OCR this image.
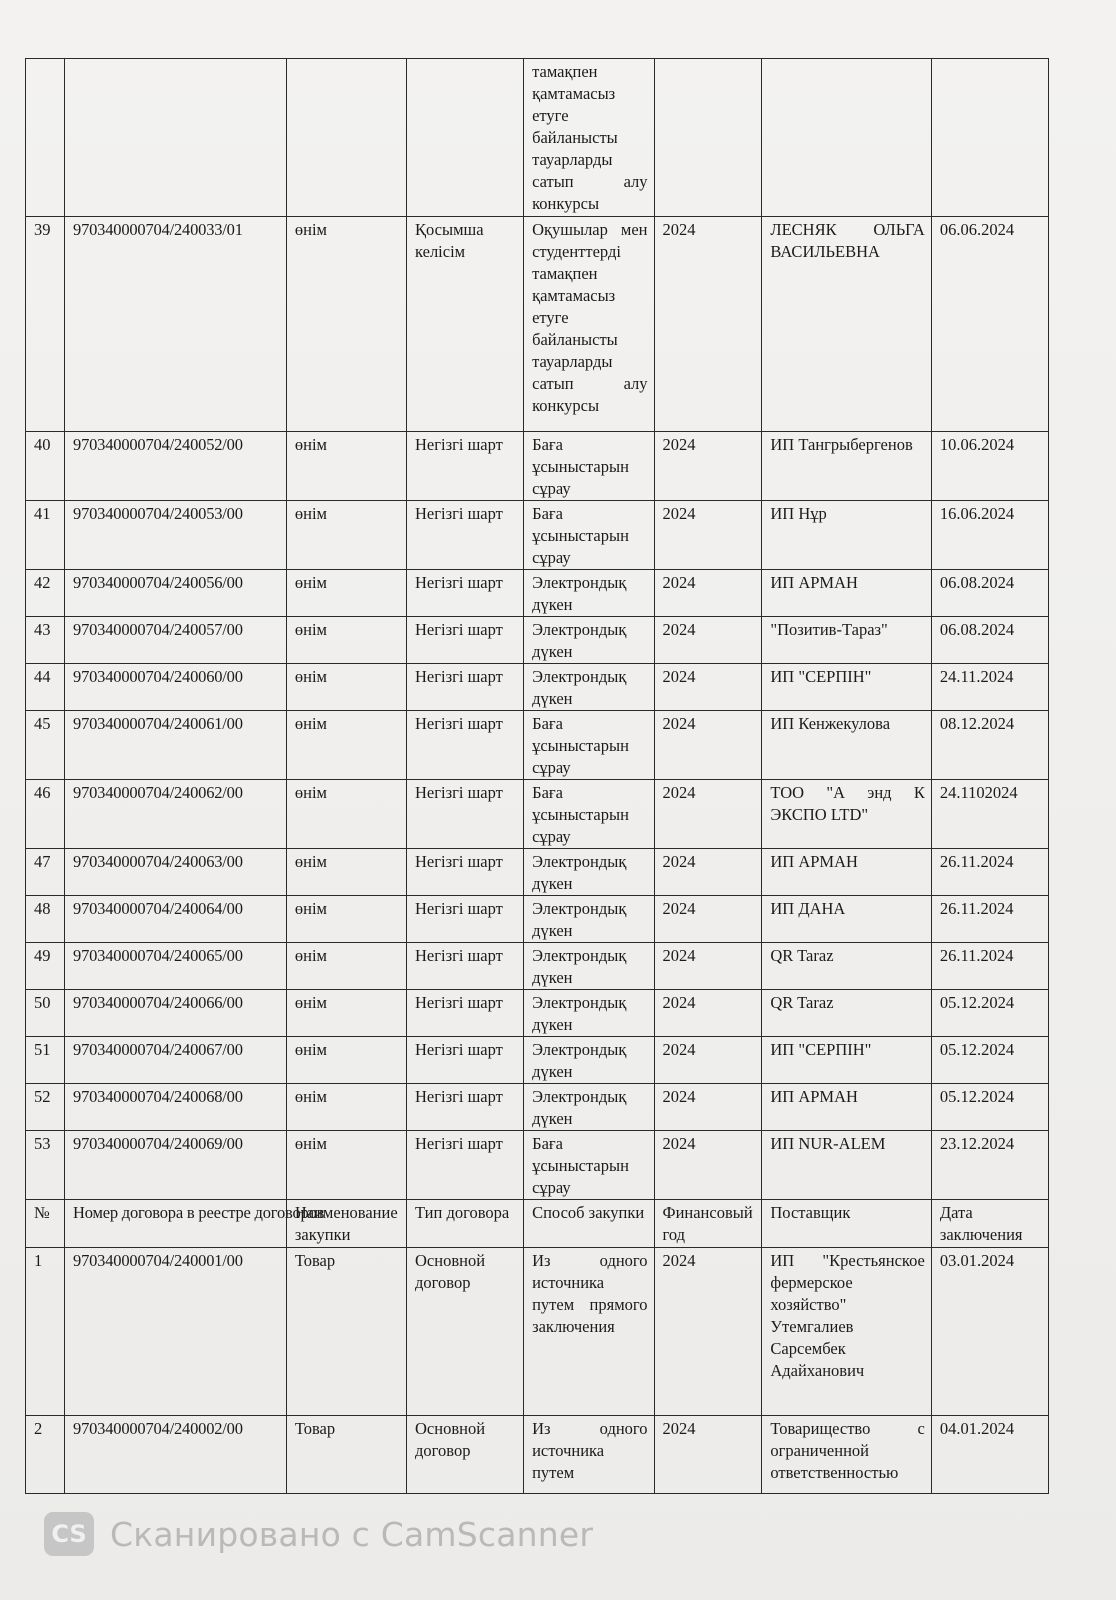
				тамақпен қамтамасыз етуге байланысты тауарларды сатып алу конкурсы			
39	970340000704/240033/01	өнім	Қосымша келісім	Оқушылар мен студенттерді тамақпен қамтамасыз етуге байланысты тауарларды сатып алу конкурсы	2024	ЛЕСНЯК ОЛЬГА ВАСИЛЬЕВНА	06.06.2024
40	970340000704/240052/00	өнім	Негізгі шарт	Баға ұсыныстарын сұрау	2024	ИП Тангрыбергенов	10.06.2024
41	970340000704/240053/00	өнім	Негізгі шарт	Баға ұсыныстарын сұрау	2024	ИП Нұр	16.06.2024
42	970340000704/240056/00	өнім	Негізгі шарт	Электрондық дүкен	2024	ИП АРМАН	06.08.2024
43	970340000704/240057/00	өнім	Негізгі шарт	Электрондық дүкен	2024	"Позитив-Тараз"	06.08.2024
44	970340000704/240060/00	өнім	Негізгі шарт	Электрондық дүкен	2024	ИП "СЕРПІН"	24.11.2024
45	970340000704/240061/00	өнім	Негізгі шарт	Баға ұсыныстарын сұрау	2024	ИП Кенжекулова	08.12.2024
46	970340000704/240062/00	өнім	Негізгі шарт	Баға ұсыныстарын сұрау	2024	ТОО "А энд К ЭКСПО LTD"	24.1102024
47	970340000704/240063/00	өнім	Негізгі шарт	Электрондық дүкен	2024	ИП АРМАН	26.11.2024
48	970340000704/240064/00	өнім	Негізгі шарт	Электрондық дүкен	2024	ИП ДАНА	26.11.2024
49	970340000704/240065/00	өнім	Негізгі шарт	Электрондық дүкен	2024	QR Taraz	26.11.2024
50	970340000704/240066/00	өнім	Негізгі шарт	Электрондық дүкен	2024	QR Taraz	05.12.2024
51	970340000704/240067/00	өнім	Негізгі шарт	Электрондық дүкен	2024	ИП "СЕРПІН"	05.12.2024
52	970340000704/240068/00	өнім	Негізгі шарт	Электрондық дүкен	2024	ИП АРМАН	05.12.2024
53	970340000704/240069/00	өнім	Негізгі шарт	Баға ұсыныстарын сұрау	2024	ИП NUR-ALEM	23.12.2024
№	Номер договора в реестре договоров	Наименование закупки	Тип договора	Способ закупки	Финансовый год	Поставщик	Дата заключения
1	970340000704/240001/00	Товар	Основной договор	Из одного источника путем прямого заключения	2024	ИП "Крестьянское фермерское хозяйство" Утемгалиев Сарсембек Адайханович	03.01.2024
2	970340000704/240002/00	Товар	Основной договор	Из одного источника путем	2024	Товарищество с ограниченной ответственностью	04.01.2024
CS Сканировано с CamScanner
